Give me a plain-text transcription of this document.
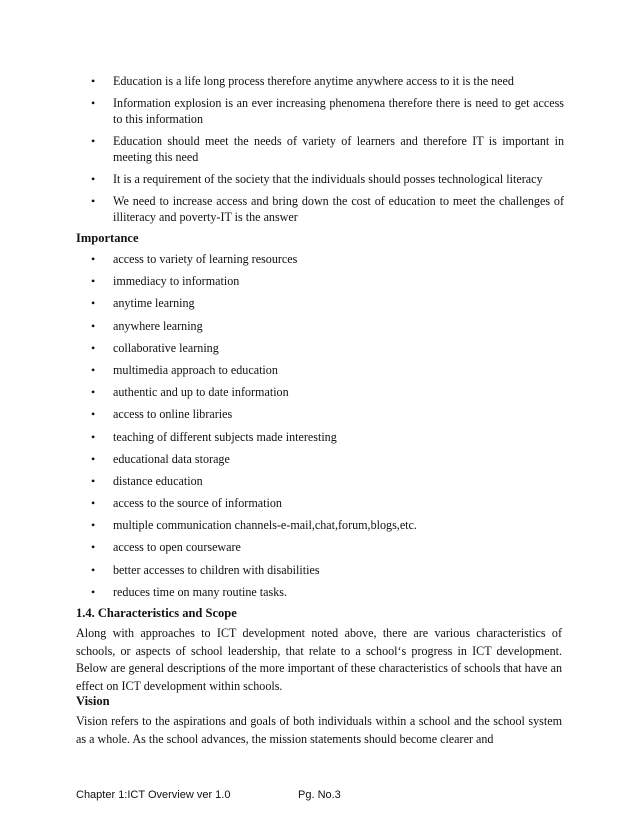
• Education is a life long process therefore anytime anywhere access to it is the need
• Information explosion is an ever increasing phenomena therefore there is need to get access to this information
• Education should meet the needs of variety of learners and therefore IT is important in meeting this need
• It is a requirement of the society that the individuals should posses technological literacy
• We need to increase access and bring down the cost of education to meet the challenges of illiteracy and poverty-IT is the answer
Importance
• access to variety of learning resources
• immediacy to information
• anytime learning
• anywhere learning
• collaborative learning
• multimedia approach to education
• authentic and up to date information
• access to online libraries
• teaching of different subjects made interesting
• educational data storage
• distance education
• access to the source of information
• multiple communication channels-e-mail,chat,forum,blogs,etc.
• access to open courseware
• better accesses to children with disabilities
• reduces time on many routine tasks.
1.4. Characteristics and Scope

Along with approaches to ICT development noted above, there are various characteristics of schools, or aspects of school leadership, that relate to a school‘s progress in ICT development. Below are general descriptions of the more important of these characteristics of schools that have an effect on ICT development within schools.

Vision

Vision refers to the aspirations and goals of both individuals within a school and the school system as a whole. As the school advances, the mission statements should become clearer and

Chapter 1:ICT Overview ver 1.0	Pg. No.3
